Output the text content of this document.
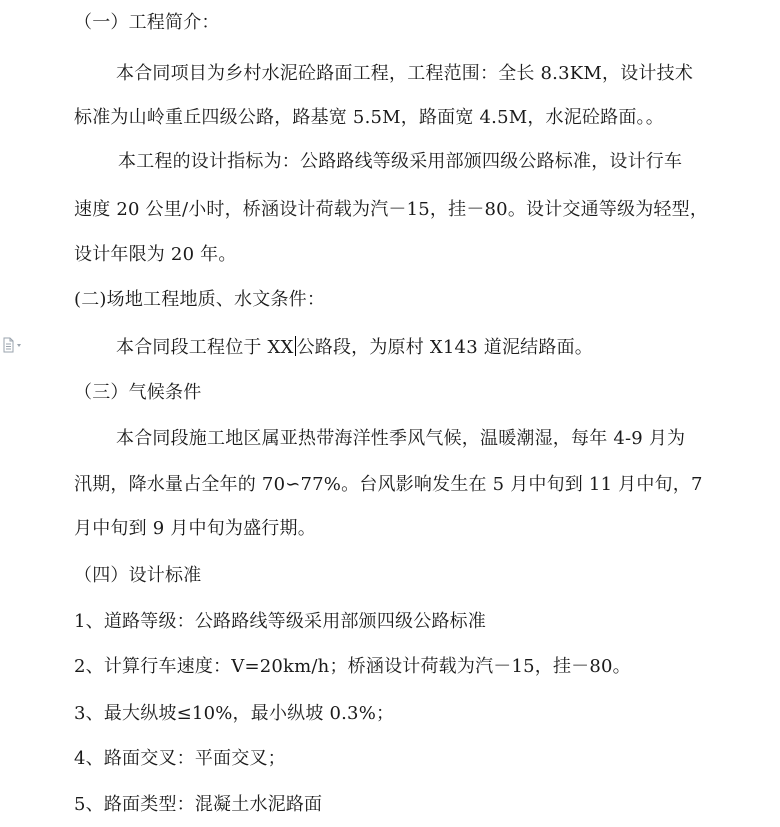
（一）工程简介：
本合同项目为乡村水泥砼路面工程，工程范围：全长 8.3KM，设计技术
标准为山岭重丘四级公路，路基宽 5.5M，路面宽 4.5M，水泥砼路面。。
本工程的设计指标为：公路路线等级采用部颁四级公路标准，设计行车
速度 20 公里/小时，桥涵设计荷载为汽－15，挂－80。设计交通等级为轻型，
设计年限为 20 年。
(二)场地工程地质、水文条件：
本合同段工程位于 XX 公路段，为原村 X143 道泥结路面。
（三）气候条件
本合同段施工地区属亚热带海洋性季风气候，温暖潮湿，每年 4-9 月为
汛期，降水量占全年的 70∽77%。台风影响发生在 5 月中旬到 11 月中旬，7
月中旬到 9 月中旬为盛行期。
（四）设计标准
1、道路等级：公路路线等级采用部颁四级公路标准
2、计算行车速度：V=20km/h；桥涵设计荷载为汽－15，挂－80。
3、最大纵坡≤10%，最小纵坡 0.3%；
4、路面交叉：平面交叉；
5、路面类型：混凝土水泥路面
